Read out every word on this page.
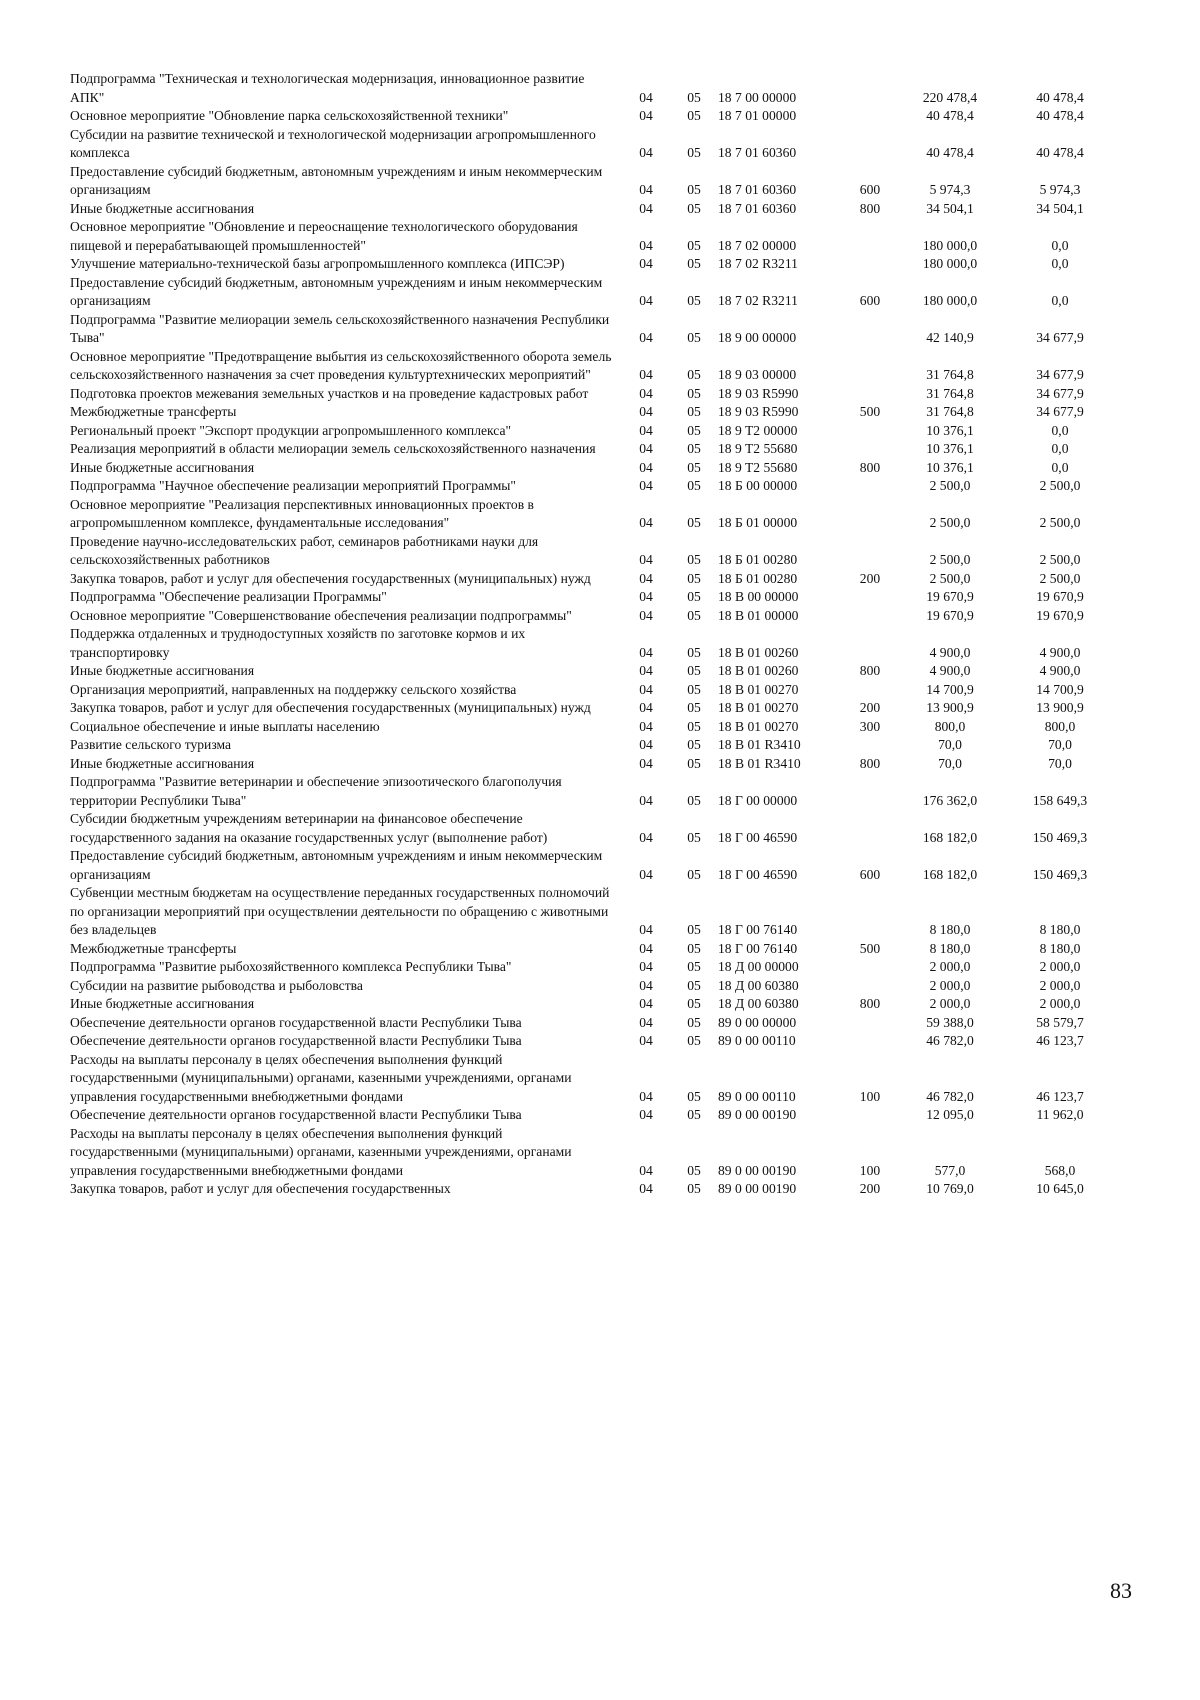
Подпрограмма "Техническая и технологическая модернизация, инновационное развитие АПК"	04	05	18 7 00 00000		220 478,4	40 478,4
Основное мероприятие "Обновление парка сельскохозяйственной техники"	04	05	18 7 01 00000		40 478,4	40 478,4
Субсидии на развитие технической и технологической модернизации агропромышленного комплекса	04	05	18 7 01 60360		40 478,4	40 478,4
Предоставление субсидий бюджетным, автономным учреждениям и иным некоммерческим организациям	04	05	18 7 01 60360	600	5 974,3	5 974,3
Иные бюджетные ассигнования	04	05	18 7 01 60360	800	34 504,1	34 504,1
Основное мероприятие "Обновление и переоснащение технологического оборудования пищевой и перерабатывающей промышленностей"	04	05	18 7 02 00000		180 000,0	0,0
Улучшение материально-технической базы агропромышленного комплекса (ИПСЭР)	04	05	18 7 02 R3211		180 000,0	0,0
Предоставление субсидий бюджетным, автономным учреждениям и иным некоммерческим организациям	04	05	18 7 02 R3211	600	180 000,0	0,0
Подпрограмма "Развитие мелиорации земель сельскохозяйственного назначения Республики Тыва"	04	05	18 9 00 00000		42 140,9	34 677,9
Основное мероприятие "Предотвращение выбытия из сельскохозяйственного оборота земель сельскохозяйственного назначения за счет проведения культуртехнических мероприятий"	04	05	18 9 03 00000		31 764,8	34 677,9
Подготовка проектов межевания земельных участков и на проведение кадастровых работ	04	05	18 9 03 R5990		31 764,8	34 677,9
Межбюджетные трансферты	04	05	18 9 03 R5990	500	31 764,8	34 677,9
Региональный проект "Экспорт продукции агропромышленного комплекса"	04	05	18 9 T2 00000		10 376,1	0,0
Реализация мероприятий в области мелиорации земель сельскохозяйственного назначения	04	05	18 9 T2 55680		10 376,1	0,0
Иные бюджетные ассигнования	04	05	18 9 T2 55680	800	10 376,1	0,0
Подпрограмма "Научное обеспечение реализации мероприятий Программы"	04	05	18 Б 00 00000		2 500,0	2 500,0
Основное мероприятие "Реализация перспективных инновационных проектов в агропромышленном комплексе, фундаментальные исследования"	04	05	18 Б 01 00000		2 500,0	2 500,0
Проведение научно-исследовательских работ, семинаров работниками науки для сельскохозяйственных работников	04	05	18 Б 01 00280		2 500,0	2 500,0
Закупка товаров, работ и услуг для обеспечения государственных (муниципальных) нужд	04	05	18 Б 01 00280	200	2 500,0	2 500,0
Подпрограмма "Обеспечение реализации Программы"	04	05	18 В 00 00000		19 670,9	19 670,9
Основное мероприятие "Совершенствование обеспечения реализации подпрограммы"	04	05	18 В 01 00000		19 670,9	19 670,9
Поддержка отдаленных и труднодоступных хозяйств по заготовке кормов и их транспортировку	04	05	18 В 01 00260		4 900,0	4 900,0
Иные бюджетные ассигнования	04	05	18 В 01 00260	800	4 900,0	4 900,0
Организация мероприятий, направленных на поддержку сельского хозяйства	04	05	18 В 01 00270		14 700,9	14 700,9
Закупка товаров, работ и услуг для обеспечения государственных (муниципальных) нужд	04	05	18 В 01 00270	200	13 900,9	13 900,9
Социальное обеспечение и иные выплаты населению	04	05	18 В 01 00270	300	800,0	800,0
Развитие сельского туризма	04	05	18 В 01 R3410		70,0	70,0
Иные бюджетные ассигнования	04	05	18 В 01 R3410	800	70,0	70,0
Подпрограмма "Развитие ветеринарии и обеспечение эпизоотического благополучия территории Республики Тыва"	04	05	18 Г 00 00000		176 362,0	158 649,3
Субсидии бюджетным учреждениям ветеринарии на финансовое обеспечение государственного задания на оказание государственных услуг (выполнение работ)	04	05	18 Г 00 46590		168 182,0	150 469,3
Предоставление субсидий бюджетным, автономным учреждениям и иным некоммерческим организациям	04	05	18 Г 00 46590	600	168 182,0	150 469,3
Субвенции местным бюджетам на осуществление переданных государственных полномочий по организации мероприятий при осуществлении деятельности по обращению с животными без владельцев	04	05	18 Г 00 76140		8 180,0	8 180,0
Межбюджетные трансферты	04	05	18 Г 00 76140	500	8 180,0	8 180,0
Подпрограмма "Развитие рыбохозяйственного комплекса Республики Тыва"	04	05	18 Д 00 00000		2 000,0	2 000,0
Субсидии на развитие рыбоводства и рыболовства	04	05	18 Д 00 60380		2 000,0	2 000,0
Иные бюджетные ассигнования	04	05	18 Д 00 60380	800	2 000,0	2 000,0
Обеспечение деятельности органов государственной власти Республики Тыва	04	05	89 0 00 00000		59 388,0	58 579,7
Обеспечение деятельности органов государственной власти Республики Тыва	04	05	89 0 00 00110		46 782,0	46 123,7
Расходы на выплаты персоналу в целях обеспечения выполнения функций государственными (муниципальными) органами, казенными учреждениями, органами управления государственными внебюджетными фондами	04	05	89 0 00 00110	100	46 782,0	46 123,7
Обеспечение деятельности органов государственной власти Республики Тыва	04	05	89 0 00 00190		12 095,0	11 962,0
Расходы на выплаты персоналу в целях обеспечения выполнения функций государственными (муниципальными) органами, казенными учреждениями, органами управления государственными внебюджетными фондами	04	05	89 0 00 00190	100	577,0	568,0
Закупка товаров, работ и услуг для обеспечения государственных	04	05	89 0 00 00190	200	10 769,0	10 645,0
83
